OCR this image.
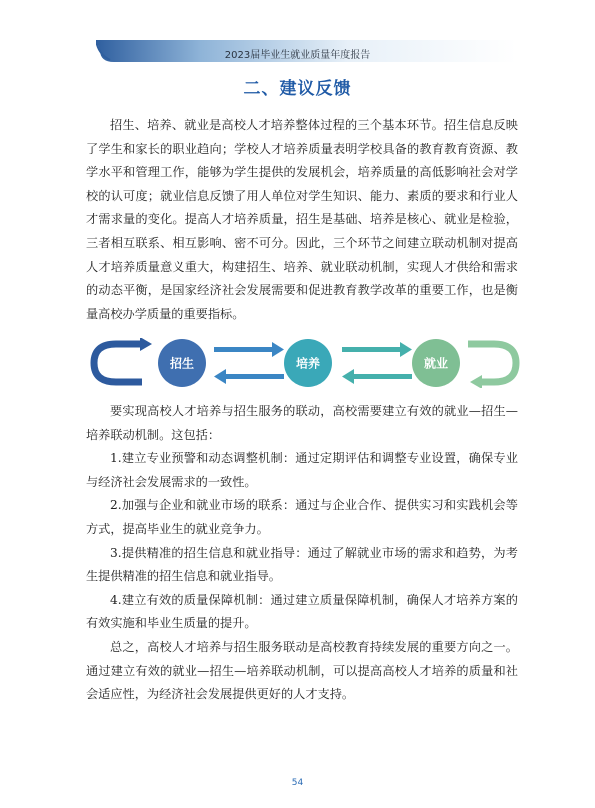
2023届毕业生就业质量年度报告
二、建议反馈
招生、培养、就业是高校人才培养整体过程的三个基本环节。招生信息反映了学生和家长的职业趋向；学校人才培养质量表明学校具备的教育教育资源、教学水平和管理工作，能够为学生提供的发展机会，培养质量的高低影响社会对学校的认可度；就业信息反馈了用人单位对学生知识、能力、素质的要求和行业人才需求量的变化。提高人才培养质量，招生是基础、培养是核心、就业是检验，三者相互联系、相互影响、密不可分。因此，三个环节之间建立联动机制对提高人才培养质量意义重大，构建招生、培养、就业联动机制，实现人才供给和需求的动态平衡，是国家经济社会发展需要和促进教育教学改革的重要工作，也是衡量高校办学质量的重要指标。
招生	培养	就业

要实现高校人才培养与招生服务的联动，高校需要建立有效的就业—招生—培养联动机制。这包括：

1.建立专业预警和动态调整机制：通过定期评估和调整专业设置，确保专业与经济社会发展需求的一致性。

2.加强与企业和就业市场的联系：通过与企业合作、提供实习和实践机会等方式，提高毕业生的就业竞争力。

3.提供精准的招生信息和就业指导：通过了解就业市场的需求和趋势，为考生提供精准的招生信息和就业指导。

4.建立有效的质量保障机制：通过建立质量保障机制，确保人才培养方案的有效实施和毕业生质量的提升。

总之，高校人才培养与招生服务联动是高校教育持续发展的重要方向之一。通过建立有效的就业—招生—培养联动机制，可以提高高校人才培养的质量和社会适应性，为经济社会发展提供更好的人才支持。

54
